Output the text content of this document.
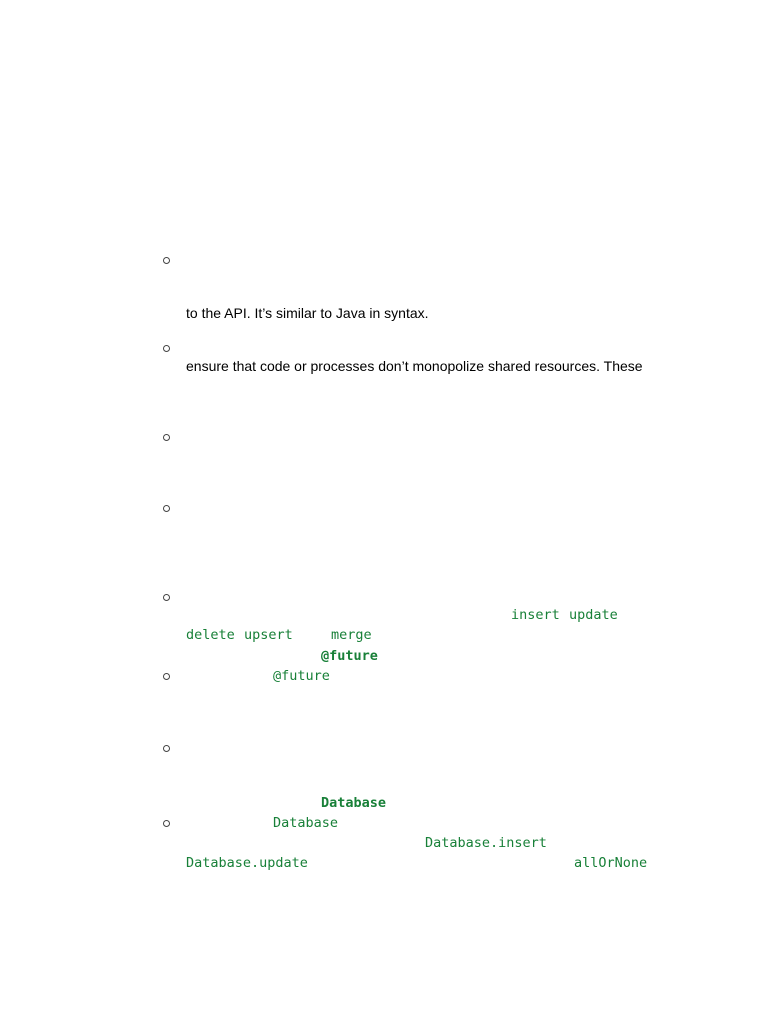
to the API. It’s similar to Java in syntax.
ensure that code or processes don’t monopolize shared resources. These
insert update
delete upsert	merge
@future
@future
Database
Database
Database.insert
Database.update	allOrNone
